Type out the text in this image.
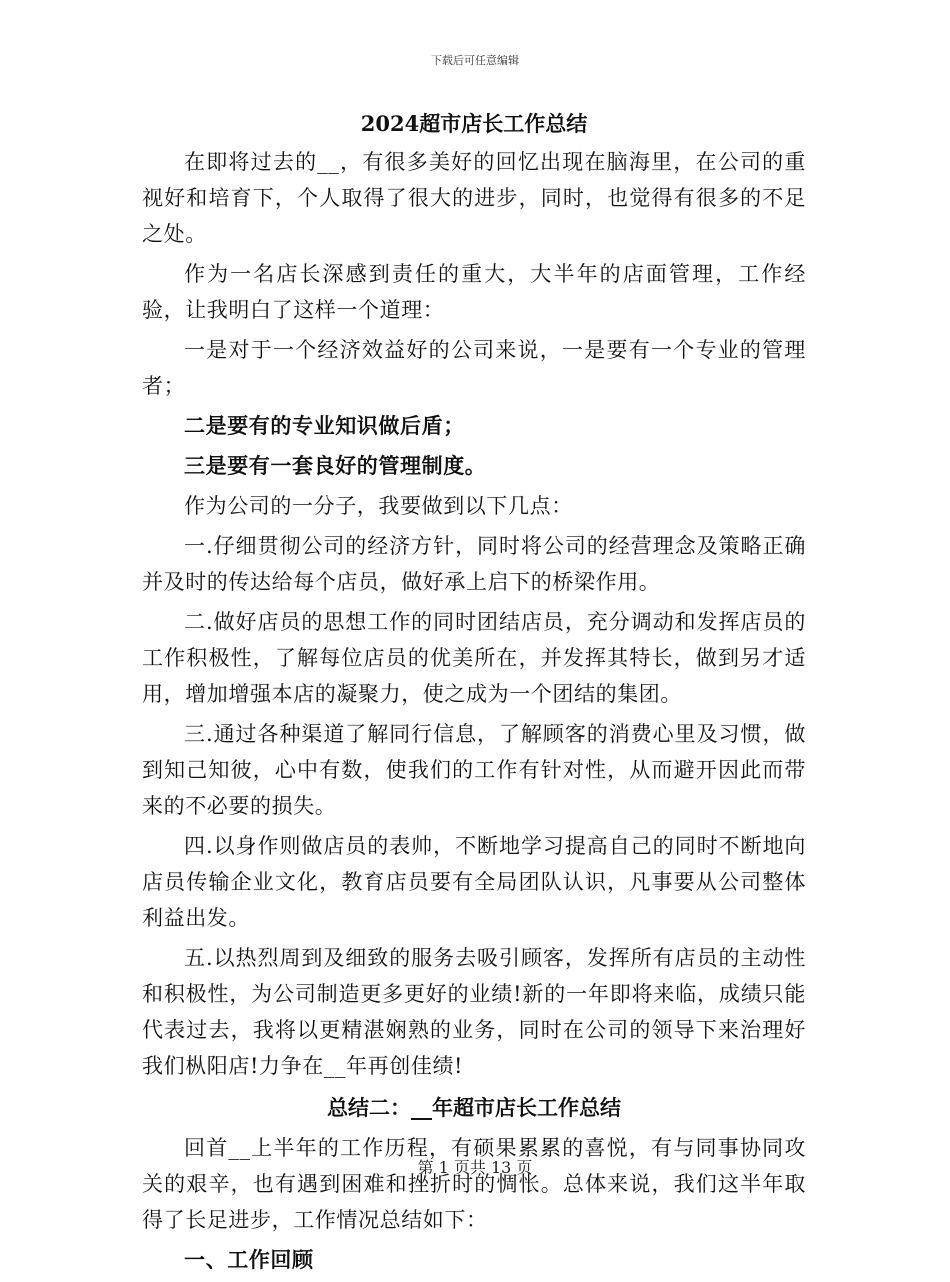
下载后可任意编辑
2024超市店长工作总结

在即将过去的__，有很多美好的回忆出现在脑海里，在公司的重视好和培育下，个人取得了很大的进步，同时，也觉得有很多的不足之处。

作为一名店长深感到责任的重大，大半年的店面管理，工作经验，让我明白了这样一个道理：

一是对于一个经济效益好的公司来说，一是要有一个专业的管理者；

二是要有的专业知识做后盾；

三是要有一套良好的管理制度。

作为公司的一分子，我要做到以下几点：

一.仔细贯彻公司的经济方针，同时将公司的经营理念及策略正确并及时的传达给每个店员，做好承上启下的桥梁作用。

二.做好店员的思想工作的同时团结店员，充分调动和发挥店员的工作积极性，了解每位店员的优美所在，并发挥其特长，做到另才适用，增加增强本店的凝聚力，使之成为一个团结的集团。

三.通过各种渠道了解同行信息，了解顾客的消费心里及习惯，做到知己知彼，心中有数，使我们的工作有针对性，从而避开因此而带来的不必要的损失。

四.以身作则做店员的表帅，不断地学习提高自己的同时不断地向店员传输企业文化，教育店员要有全局团队认识，凡事要从公司整体利益出发。

五.以热烈周到及细致的服务去吸引顾客，发挥所有店员的主动性和积极性，为公司制造更多更好的业绩!新的一年即将来临，成绩只能代表过去，我将以更精湛娴熟的业务，同时在公司的领导下来治理好我们枞阳店!力争在__年再创佳绩!

总结二：__年超市店长工作总结

回首__上半年的工作历程，有硕果累累的喜悦，有与同事协同攻关的艰辛，也有遇到困难和挫折时的惆怅。总体来说，我们这半年取得了长足进步，工作情况总结如下：

一、工作回顾

第 1 页共 13 页
